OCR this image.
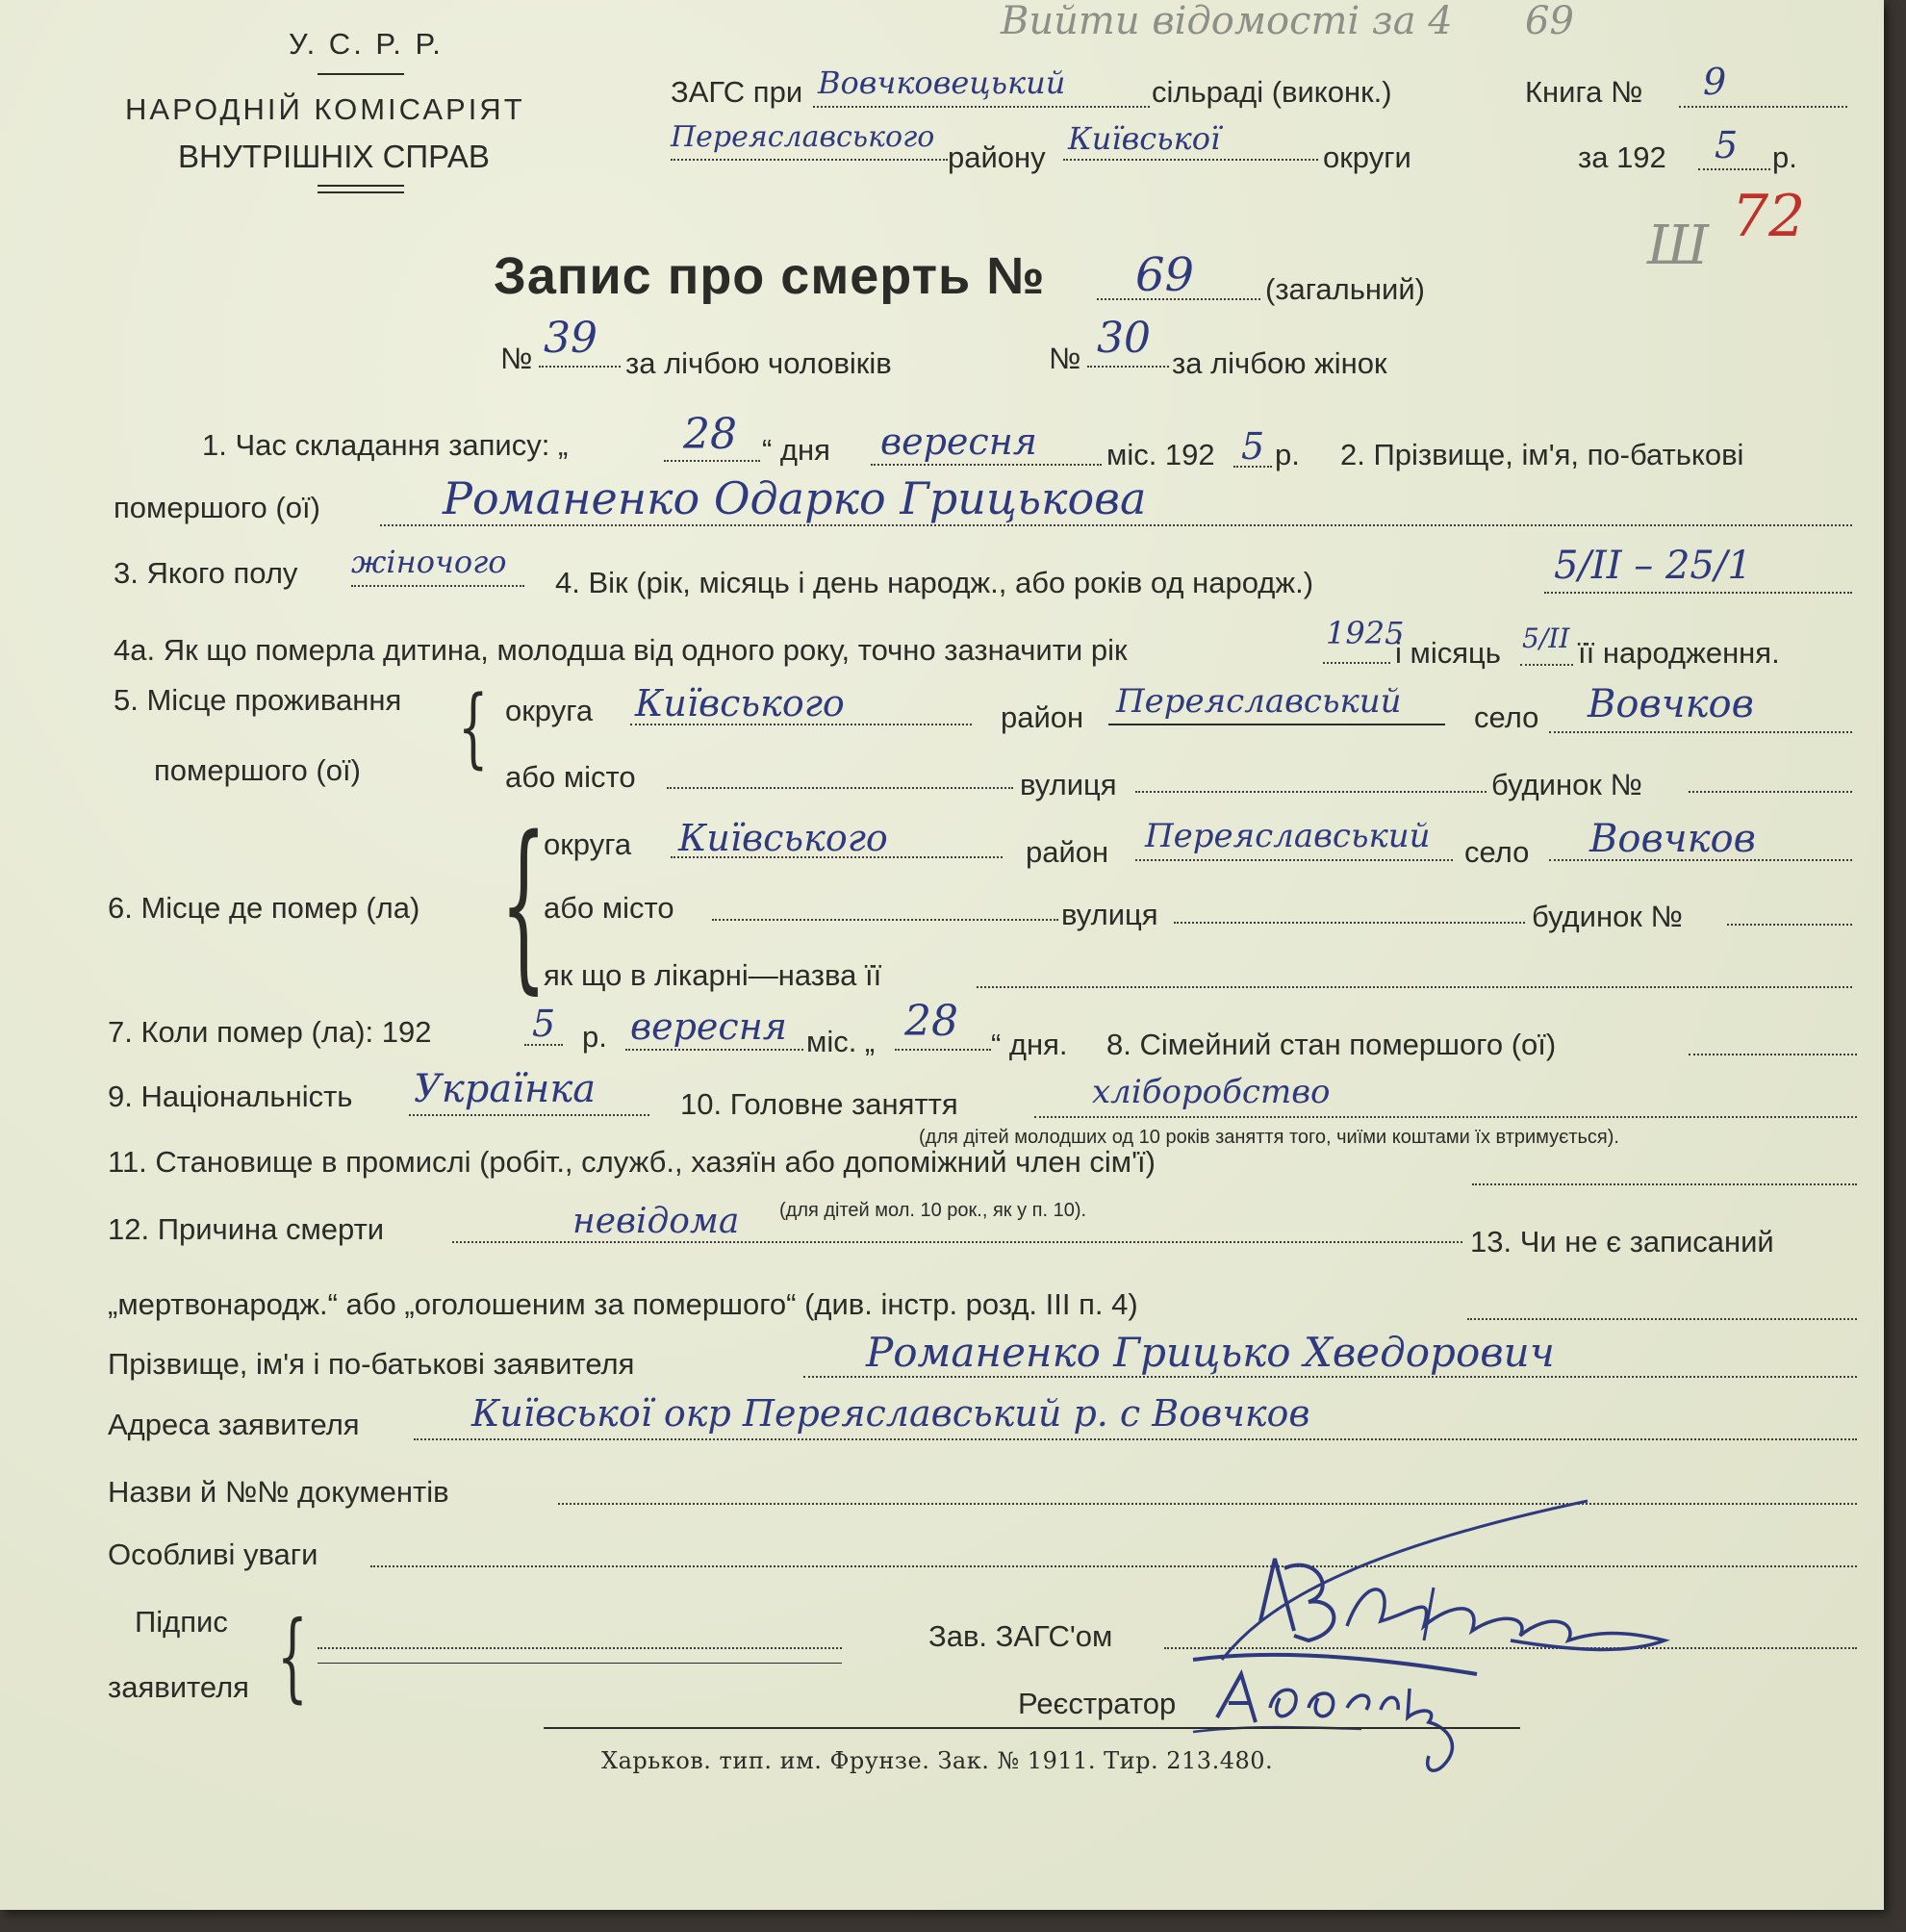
Вийти відомості за 4 69
У. С. Р. Р.
НАРОДНІЙ КОМІСАРІЯТ
ВНУТРІШНІХ СПРАВ
ЗАГС при Вовчковецький	сільраді (виконк.)	Книга № 9
Переяславського
району
Київської
округи	за 192 5 р.
Ш 72
Запис про смерть № 69 (загальний)
№ 39
за лічбою чоловіків	№ 30
за лічбою жінок
1. Час складання запису: „	28 “ дня вересня міс. 192 5 р. 2. Прізвище, ім'я, по-батькові
помершого (ої)	Романенко Одарко Грицькова
3. Якого полу жіночого
4. Вік (рік, місяць і день народж., або років од народж.)	5/II – 25/1
4а. Як що померла дитина, молодша від одного року, точно зазначити рік	1925
і місяць 5/II її народження.
5. Місце проживання
помершого (ої) { округа Київського	район Переяславський село Вовчков
або місто	вулиця	будинок №
6. Місце де помер (ла) {
округа Київського	район Переяславський село Вовчков
або місто	вулиця	будинок №
як що в лікарні—назва її
7. Коли помер (ла): 192	5 р. вересня міс. „ 28 “ дня. 8. Сімейний стан помершого (ої)
9. Національність Українка	10. Головне заняття	хліборобство
(для дітей молодших од 10 років заняття того, чиїми коштами їх втримується).
11. Становище в промислі (робіт., служб., хазяїн або допоміжний член сім'ї)
(для дітей мол. 10 рок., як у п. 10).
12. Причина смерти	невідома
13. Чи не є записаний
„мертвонародж.“ або „оголошеним за помершого“ (див. інстр. розд. III п. 4)
Прізвище, ім'я і по-батькові заявителя	Романенко Грицько Хведорович
Адреса заявителя	Київської окр Переяславський р. с Вовчков
Назви й №№ документів
Особливі уваги
Підпис
заявителя {	Зав. ЗАГС'ом
Реєстратор
Харьков. тип. им. Фрунзе. Зак. № 1911. Тир. 213.480.
